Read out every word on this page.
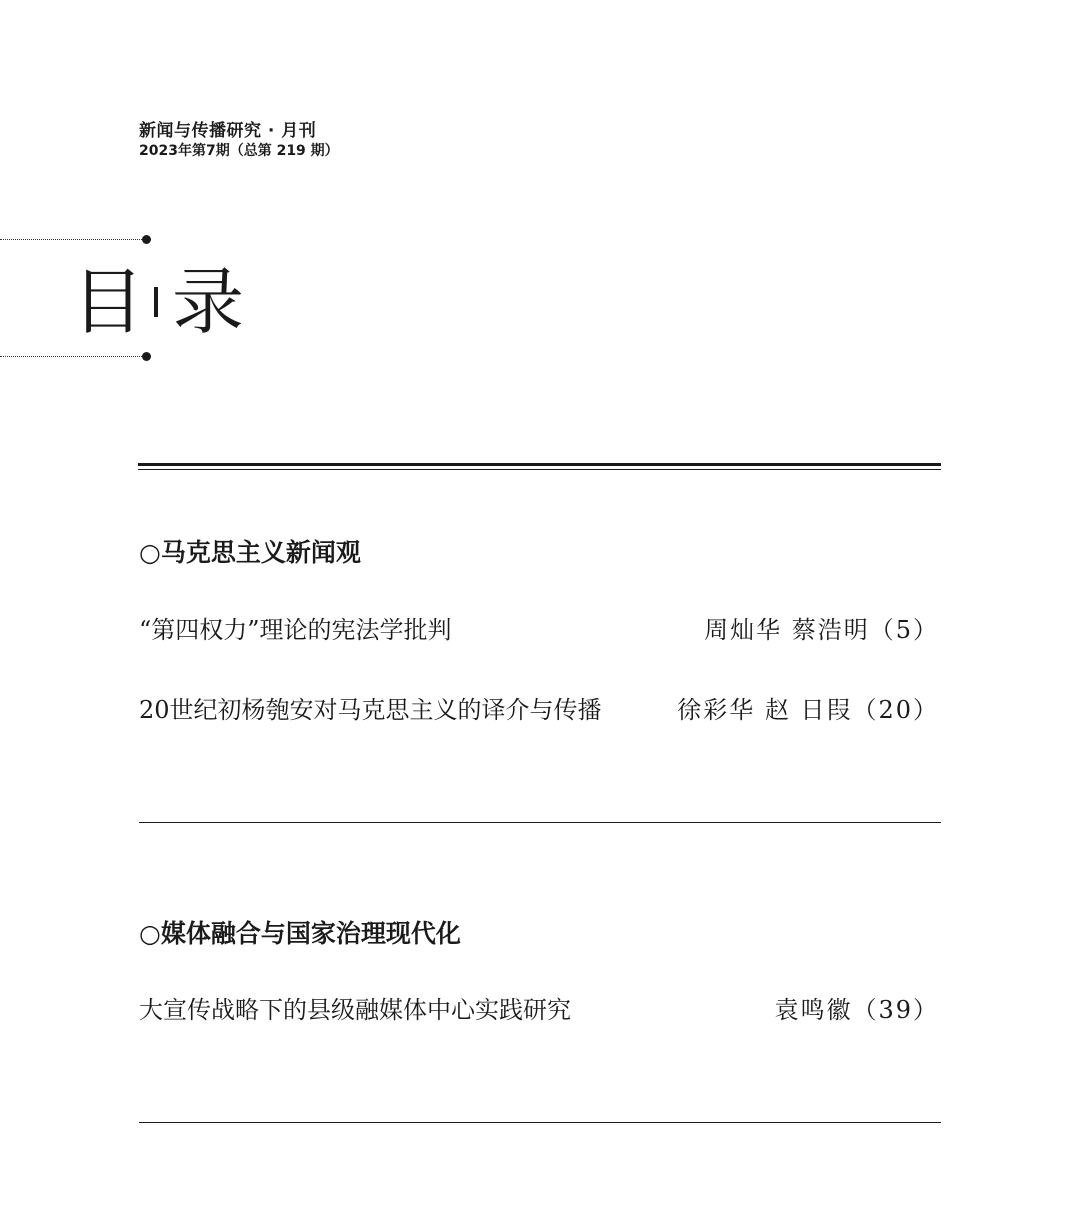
新闻与传播研究 · 月刊
2023年第7期（总第 219 期）
目 录
○马克思主义新闻观
“第四权力”理论的宪法学批判	周灿华 蔡浩明（5）
20世纪初杨匏安对马克思主义的译介与传播	徐彩华 赵 日叚（20）
○媒体融合与国家治理现代化
大宣传战略下的县级融媒体中心实践研究	袁鸣徽（39）
